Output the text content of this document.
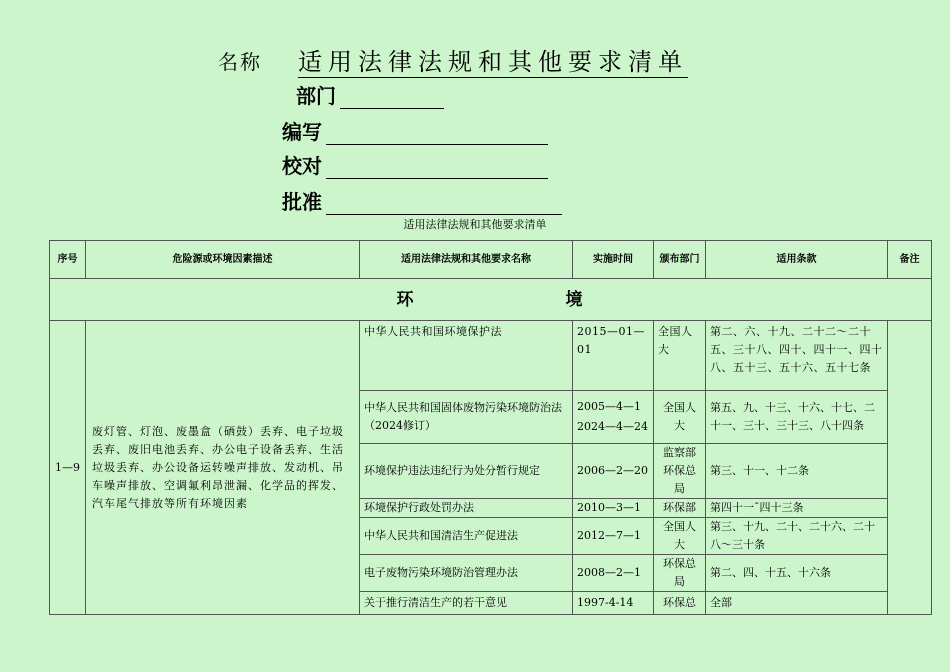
名称 适用法律法规和其他要求清单
部门
编写
校对
批准
适用法律法规和其他要求清单
序号	危险源或环境因素描述	适用法律法规和其他要求名称	实施时间	颁布部门	适用条款	备注
环 境						
1—9	废灯管、灯泡、废墨盒（硒鼓）丢弃、电子垃圾丢弃、废旧电池丢弃、办公电子设备丢弃、生活垃圾丢弃、办公设备运转噪声排放、发动机、吊车噪声排放、空调氟利昂泄漏、化学品的挥发、汽车尾气排放等所有环境因素	中华人民共和国环境保护法	2015—01—01	全国人大	第二、六、十九、二十二～二十五、三十八、四十、四十一、四十八、五十三、五十六、五十七条	
		中华人民共和国固体废物污染环境防治法（2024修订）	2005—4—1 2024—4—24	全国人大	第五、九、十三、十六、十七、二十一、三十、三十三、八十四条	
		环境保护违法违纪行为处分暂行规定	2006—2—20	监察部环保总局	第三、十一、十二条	
		环境保护行政处罚办法	2010—3—1	环保部	第四十一¯四十三条	
		中华人民共和国清洁生产促进法	2012—7—1	全国人大	第三、十九、二十、二十六、二十八～三十条	
		电子废物污染环境防治管理办法	2008—2—1	环保总局	第二、四、十五、十六条	
		关于推行清洁生产的若干意见	1997-4-14	环保总	全部	
